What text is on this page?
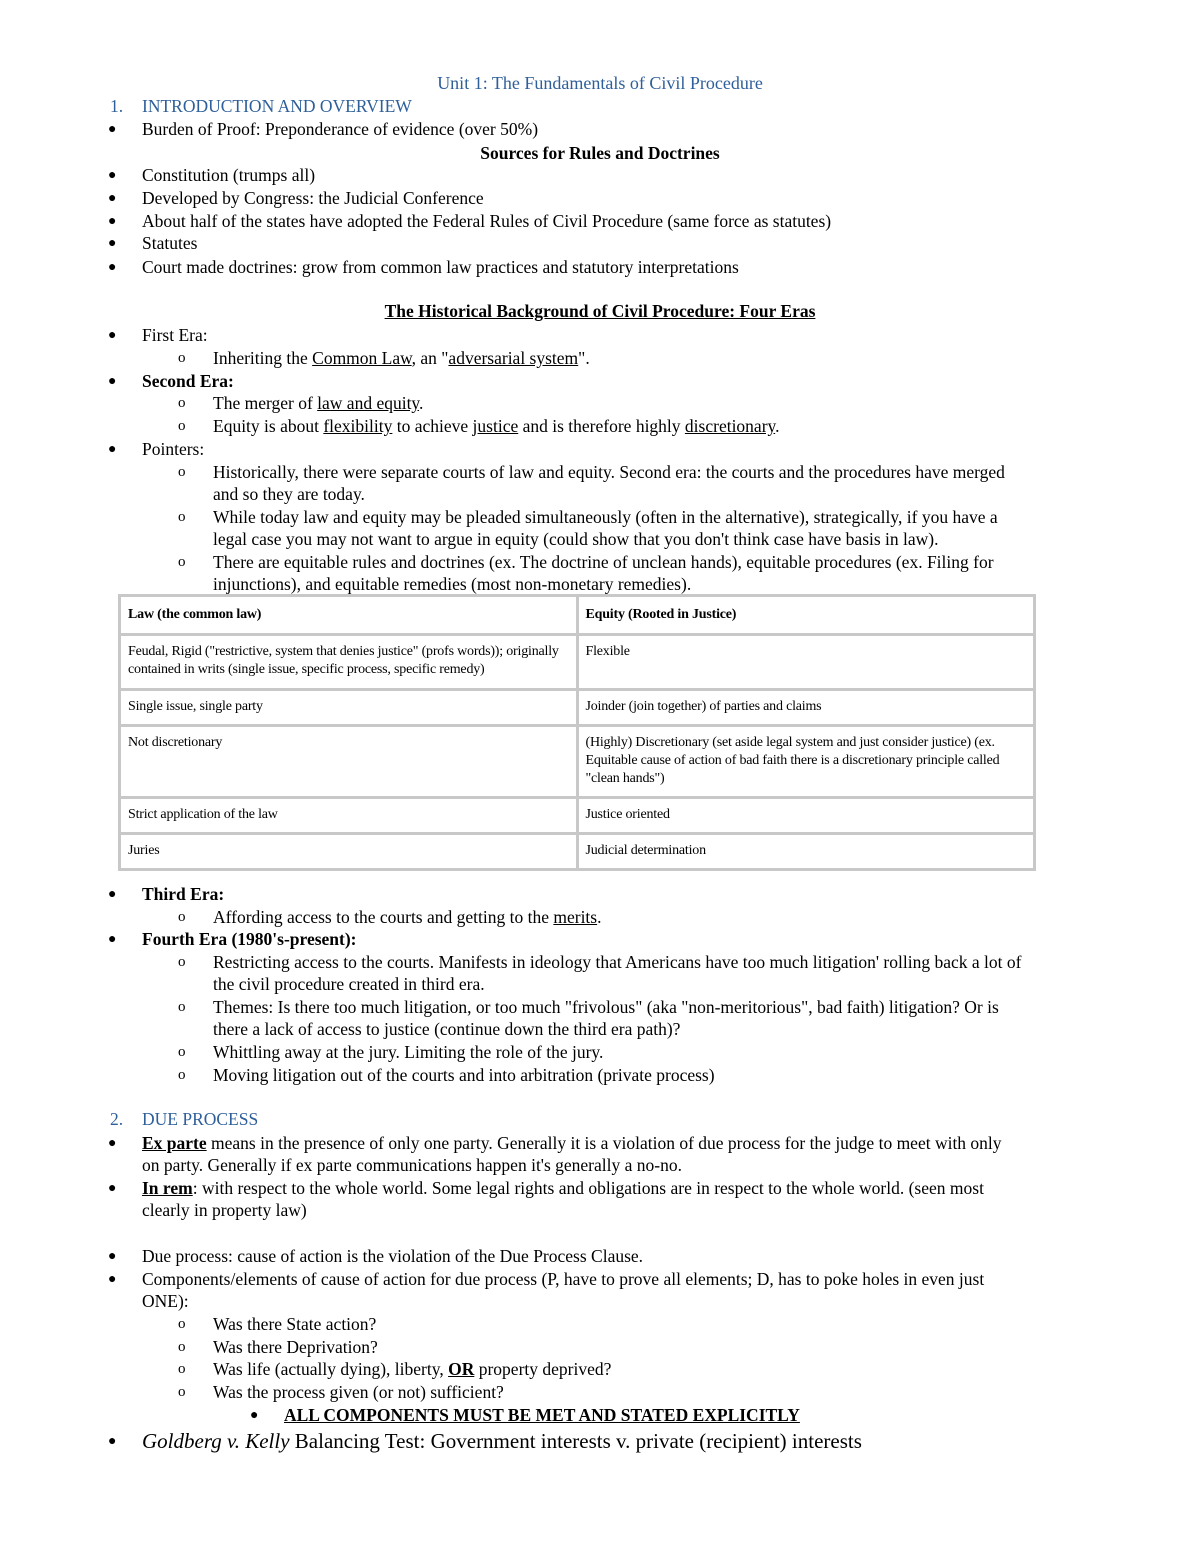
Unit 1: The Fundamentals of Civil Procedure
1. INTRODUCTION AND OVERVIEW
● Burden of Proof: Preponderance of evidence (over 50%)
Sources for Rules and Doctrines
● Constitution (trumps all)
● Developed by Congress: the Judicial Conference
● About half of the states have adopted the Federal Rules of Civil Procedure (same force as statutes)
● Statutes
● Court made doctrines: grow from common law practices and statutory interpretations
The Historical Background of Civil Procedure: Four Eras
● First Era:
o Inheriting the Common Law, an "adversarial system".
● Second Era:
o The merger of law and equity.
o Equity is about flexibility to achieve justice and is therefore highly discretionary.
● Pointers:
o Historically, there were separate courts of law and equity. Second era: the courts and the procedures have merged
and so they are today.
o While today law and equity may be pleaded simultaneously (often in the alternative), strategically, if you have a
legal case you may not want to argue in equity (could show that you don't think case have basis in law).
o There are equitable rules and doctrines (ex. The doctrine of unclean hands), equitable procedures (ex. Filing for
injunctions), and equitable remedies (most non-monetary remedies).
Law (the common law)	Equity (Rooted in Justice)
Feudal, Rigid ("restrictive, system that denies justice" (profs words)); originally contained in writs (single issue, specific process, specific remedy)	Flexible
Single issue, single party	Joinder (join together) of parties and claims
Not discretionary	(Highly) Discretionary (set aside legal system and just consider justice) (ex. Equitable cause of action of bad faith there is a discretionary principle called "clean hands")
Strict application of the law	Justice oriented
Juries	Judicial determination
● Third Era:
o Affording access to the courts and getting to the merits.
● Fourth Era (1980's-present):
o Restricting access to the courts. Manifests in ideology that Americans have too much litigation' rolling back a lot of
the civil procedure created in third era.
o Themes: Is there too much litigation, or too much "frivolous" (aka "non-meritorious", bad faith) litigation? Or is
there a lack of access to justice (continue down the third era path)?
o Whittling away at the jury. Limiting the role of the jury.
o Moving litigation out of the courts and into arbitration (private process)
2. DUE PROCESS
● Ex parte means in the presence of only one party. Generally it is a violation of due process for the judge to meet with only
on party. Generally if ex parte communications happen it's generally a no-no.
● In rem: with respect to the whole world. Some legal rights and obligations are in respect to the whole world. (seen most
clearly in property law)
● Due process: cause of action is the violation of the Due Process Clause.
● Components/elements of cause of action for due process (P, have to prove all elements; D, has to poke holes in even just
ONE):
o Was there State action?
o Was there Deprivation?
o Was life (actually dying), liberty, OR property deprived?
o Was the process given (or not) sufficient?
● ALL COMPONENTS MUST BE MET AND STATED EXPLICITLY
● Goldberg v. Kelly Balancing Test: Government interests v. private (recipient) interests
